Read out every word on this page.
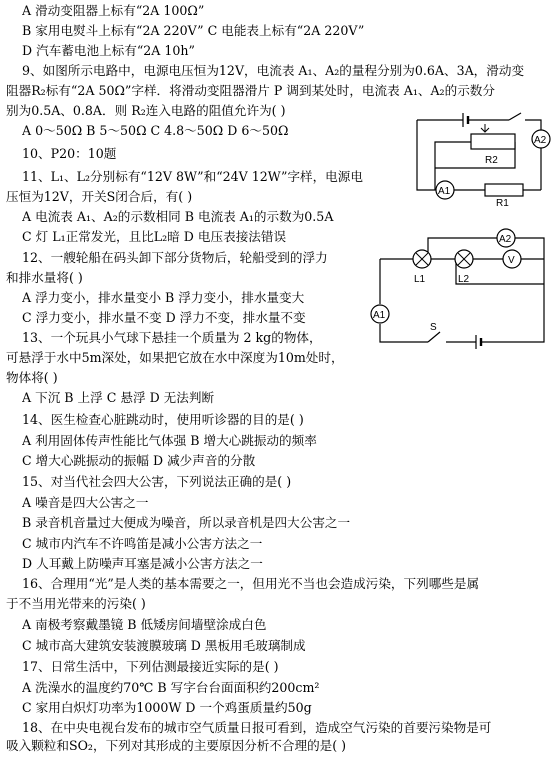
A 滑动变阻器上标有“2A 100Ω”
B 家用电熨斗上标有“2A 220V” C 电能表上标有“2A 220V”
D 汽车蓄电池上标有“2A 10h”
9、如图所示电路中，电源电压恒为12V，电流表 A₁、A₂的量程分别为0.6A、3A，滑动变
阻器R₂标有“2A 50Ω”字样．将滑动变阻器滑片 P 调到某处时，电流表 A₁、A₂的示数分
别为0.5A、0.8A．则 R₂连入电路的阻值允许为( )
A 0～50Ω B 5～50Ω C 4.8～50Ω D 6～50Ω
10、P20：10题
11、L₁、L₂分别标有“12V 8W”和“24V 12W”字样，电源电
压恒为12V，开关S闭合后，有( )
A 电流表 A₁、A₂的示数相同 B 电流表 A₁的示数为0.5A
C 灯 L₁正常发光，且比L₂暗 D 电压表接法错误
12、一艘轮船在码头卸下部分货物后，轮船受到的浮力
和排水量将( )
A 浮力变小，排水量变小 B 浮力变小，排水量变大
C 浮力变小，排水量不变 D 浮力不变，排水量不变
13、一个玩具小气球下悬挂一个质量为 2 kg的物体，
可悬浮于水中5m深处，如果把它放在水中深度为10m处时，
物体将( )
A 下沉 B 上浮 C 悬浮 D 无法判断
14、医生检查心脏跳动时，使用听诊器的目的是( )
A 利用固体传声性能比气体强 B 增大心跳振动的频率
C 增大心跳振动的振幅 D 减少声音的分散
15、对当代社会四大公害，下列说法正确的是( )
A 噪音是四大公害之一
B 录音机音量过大便成为噪音，所以录音机是四大公害之一
C 城市内汽车不许鸣笛是减小公害方法之一
D 人耳戴上防噪声耳塞是减小公害方法之一
16、合理用“光”是人类的基本需要之一，但用光不当也会造成污染，下列哪些是属
于不当用光带来的污染( )
A 南极考察戴墨镜 B 低矮房间墙壁涂成白色
C 城市高大建筑安装渡膜玻璃 D 黑板用毛玻璃制成
17、日常生活中，下列估测最接近实际的是( )
A 洗澡水的温度约70℃ B 写字台台面面积约200cm²
C 家用白炽灯功率为1000W D 一个鸡蛋质量约50g
18、在中央电视台发布的城市空气质量日报可看到，造成空气污染的首要污染物是可
吸入颗粒和SO₂，下列对其形成的主要原因分析不合理的是( )
R2
A2
A1
R1
A2
L1	L2
V
A1
S
